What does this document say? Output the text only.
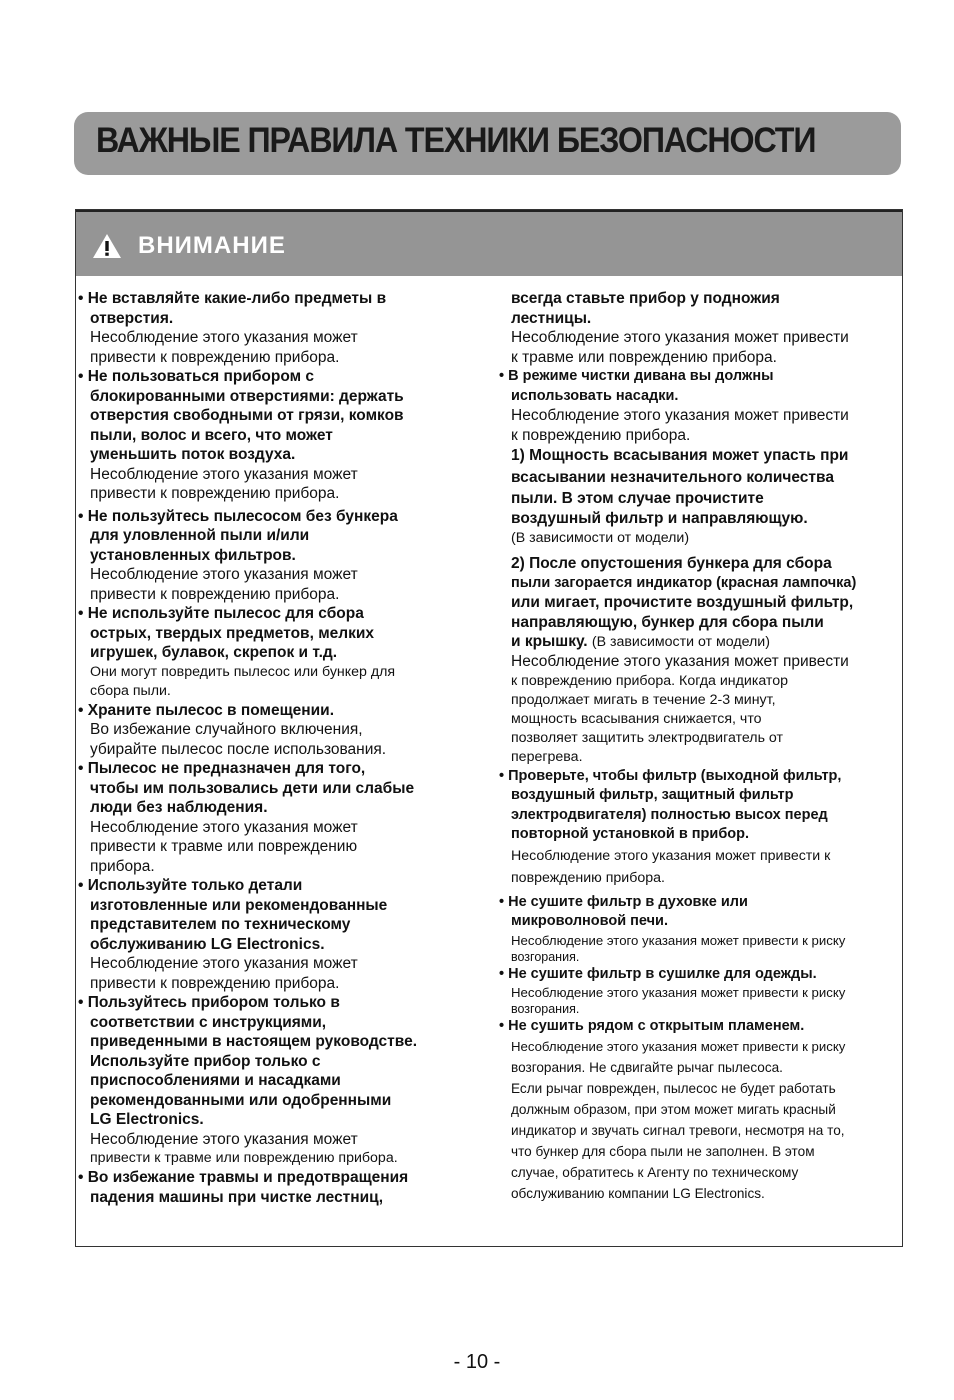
ВАЖНЫЕ ПРАВИЛА ТЕХНИКИ БЕЗОПАСНОСТИ
ВНИМАНИЕ

• Не вставляйте какие-либо предметы в

отверстия.

Несоблюдение этого указания может

привести к повреждению прибора.

• Не пользоваться прибором с

блокированными отверстиями: держать

отверстия свободными от грязи, комков

пыли, волос и всего, что может

уменьшить поток воздуха.

Несоблюдение этого указания может

привести к повреждению прибора.

• Не пользуйтесь пылесосом без бункера

для уловленной пыли и/или

установленных фильтров.

Несоблюдение этого указания может

привести к повреждению прибора.

• Не используйте пылесос для сбора

острых, твердых предметов, мелких

игрушек, булавок, скрепок и т.д.

Они могут повредить пылесос или бункер для

сбора пыли.

• Храните пылесос в помещении.

Во избежание случайного включения,

убирайте пылесос после использования.

• Пылесос не предназначен для того,

чтобы им пользовались дети или слабые

люди без наблюдения.

Несоблюдение этого указания может

привести к травме или повреждению

прибора.

• Используйте только детали

изготовленные или рекомендованные

представителем по техническому

обслуживанию LG Electronics.

Несоблюдение этого указания может

привести к повреждению прибора.

• Пользуйтесь прибором только в

соответствии с инструкциями,

приведенными в настоящем руководстве.

Используйте прибор только с

приспособлениями и насадками

рекомендованными или одобренными

LG Electronics.

Несоблюдение этого указания может

привести к травме или повреждению прибора.

• Во избежание травмы и предотвращения

падения машины при чистке лестниц,

всегда ставьте прибор у подножия

лестницы.

Несоблюдение этого указания может привести

к травме или повреждению прибора.

• В режиме чистки дивана вы должны

использовать насадки.

Несоблюдение этого указания может привести

к повреждению прибора.

1) Мощность всасывания может упасть при

всасывании незначительного количества

пыли. В этом случае прочистите

воздушный фильтр и направляющую.

(В зависимости от модели)

2) После опустошения бункера для сбора

пыли загорается индикатор (красная лампочка)

или мигает, прочистите воздушный фильтр,

направляющую, бункер для сбора пыли

и крышку. (В зависимости от модели)

Несоблюдение этого указания может привести

к повреждению прибора. Когда индикатор

продолжает мигать в течение 2-3 минут,

мощность всасывания снижается, что

позволяет защитить электродвигатель от

перегрева.

• Проверьте, чтобы фильтр (выходной фильтр,

воздушный фильтр, защитный фильтр

электродвигателя) полностью высох перед

повторной установкой в прибор.

Несоблюдение этого указания может привести к

повреждению прибора.

• Не сушите фильтр в духовке или

микроволновой печи.

Несоблюдение этого указания может привести к риску

возгорания.

• Не сушите фильтр в сушилке для одежды.

Несоблюдение этого указания может привести к риску

возгорания.

• Не сушить рядом с открытым пламенем.

Несоблюдение этого указания может привести к риску

возгорания. Не сдвигайте рычаг пылесоса.

Если рычаг поврежден, пылесос не будет работать

должным образом, при этом может мигать красный

индикатор и звучать сигнал тревоги, несмотря на то,

что бункер для сбора пыли не заполнен. В этом

случае, обратитесь к Агенту по техническому

обслуживанию компании LG Electronics.

- 10 -
